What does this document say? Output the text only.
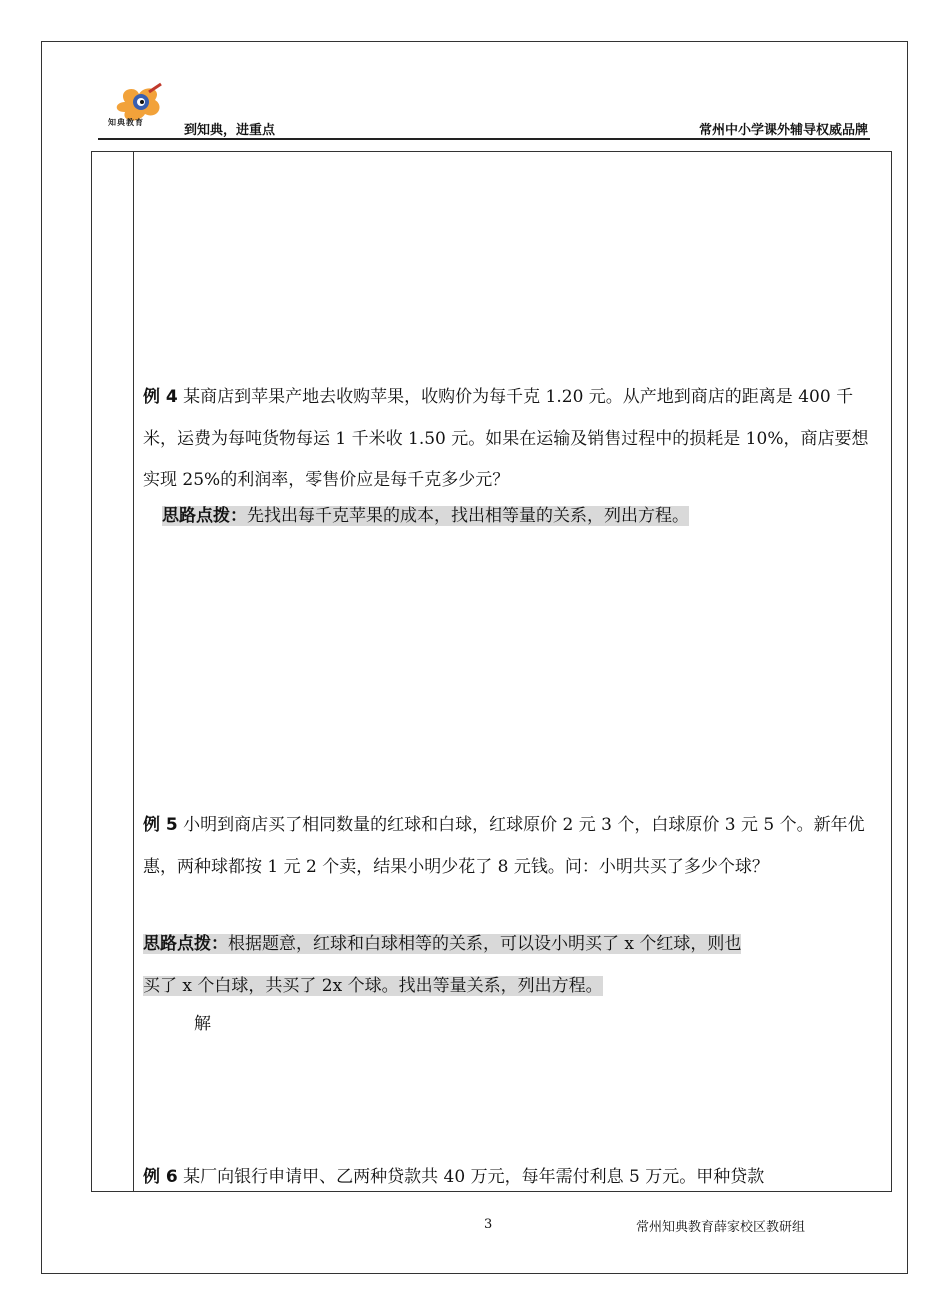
知典教育
到知典，进重点	常州中小学课外辅导权威品牌

例 4 某商店到苹果产地去收购苹果，收购价为每千克 1.20 元。从产地到商店的距离是 400 千米，运费为每吨货物每运 1 千米收 1.50 元。如果在运输及销售过程中的损耗是 10%，商店要想实现 25%的利润率，零售价应是每千克多少元？

思路点拨：先找出每千克苹果的成本，找出相等量的关系，列出方程。

例 5 小明到商店买了相同数量的红球和白球，红球原价 2 元 3 个，白球原价 3 元 5 个。新年优惠，两种球都按 1 元 2 个卖，结果小明少花了 8 元钱。问：小明共买了多少个球？

思路点拨：根据题意，红球和白球相等的关系，可以设小明买了 x 个红球，则也
买了 x 个白球，共买了 2x 个球。找出等量关系，列出方程。

解

例 6 某厂向银行申请甲、乙两种贷款共 40 万元，每年需付利息 5 万元。甲种贷款

3	常州知典教育薛家校区教研组
